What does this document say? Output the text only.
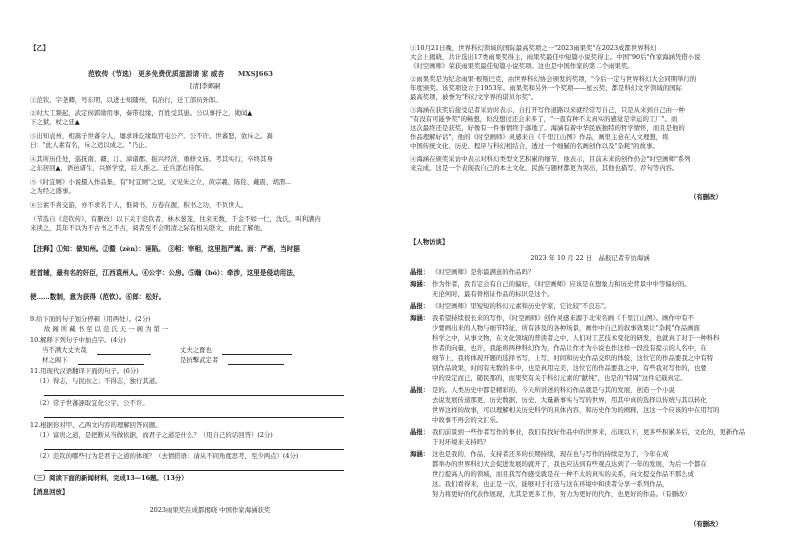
【乙】
范钦传（节选） 更多免费优质滋源请 家 威杏　　MXSJ663
[清]李邺嗣
①范钦，字尧卿，号东明，以进士知随州，有治行，迁工部员外郎。
②时大工频起，武定侯郭勋用事，奏带役缘，百姓受其患。公以事抒之，勋闻▲
下之狱，杖之廷▲
③出知袁州，相嵩子世蕃令人，屡求诛讫缘取官屯公产。公不许。世蕃怒，欲斥之。嵩
曰："此人素有名，斥之适以成之。"乃止。
④其所历任处，巡抚南、赣、汀、漳诸郡，振兴经济，重修文庙。考其实行，卒终其身
之东居回▲，语邑诸生，兴修学堂，后人推之。迁兵部右侍郎。
⑤《时宜厕》小说摄入作品集，有"时宜厕"之说，又见朱之立、黄宗羲、陈铨、戴震、胡渭...
之为经之盛事。
⑥公素不喜交游，亦不求名于人，惟阅书，万卷在握，积书之功，不负世人。
（节选自《范钦传》，有删改）以下关于范钦者，林木葱茏，往来无数，千金不如一仁，沈氏，叫利满内
来读之，其年不以为不古书之不古，阅者至不会明清之际有相关联文，由此了解他。
【注释】①知：做知州。②暨（zèn）：诬陷。　③相：宰相，这里指严嵩。面：严斋，当时据
赶首辅，最有名的奸臣，江西袁州人。④公宇：公房。⑤瀚（bó）：牵涉，这里是侵动用法，
使……数制，意为获得（范钦）。⑥郎：松好。
9.给下面的句子划分停顿（用两处）。(2分)
故 阁 所 藏 书 至 以 范 氏 天 一 阁 为 第 一
10.解释下列句子中加点字。(4分)
当不满大丈夫哉	丈夫之寶也
材之阁下	是抗擊武定者
11.用现代汉语翻译下面的句子。(6分)
（1）得志，与民由之；不得志，独行其道。
（2）常子世蕃誣取宜化公宇，公不许。
12.根据你对甲、乙两文内容的理解回答问题。
（1）富贵之道，是把断从当做依据，而君子之道是什么？（用自己的话回答）(2分)
（2）范钦的哪些行为是君子之道的体现？（去情搭语：请从不同角度思考，至少两点）(4分)
（三）阅读下面的新闻材料，完成13—16题。（13分）
【消息回放】
2023雨果奖在成都揭晓 中国作家海涵获奖
①10月21日晚，世界科幻领域的国际最高奖项之一"2023雨果奖"在2023成都世界科幻
大会上揭晓，共计选出17类雨果奖得主，雨果奖最佳中短篇小说奖得主。中国"90后"作家海涵凭借小说
《时空画师》荣获雨果奖最佳短篇小说奖项。这也是中国作家的第二个雨果奖。
②雨果奖是为纪念雨果·根斯巴克，由世界科幻协会颁发的奖项，"今后一定与世界科幻大会同期举行的
年度颁奖。该奖项设立于1953年。雨果奖和另外一个奖项——星云奖，都是科幻文学领域的国际
最高奖项，被誉为"科幻文学界的诺贝尔奖"。
③海涵在获奖后接受记者采访时表示，自打开写作道路以来就经常写自己，只是从来到自己由一种
"有没有可能争奖"的畅想，但没想过还会来多了，"一直有种不太真实的感觉是幸运的工厂"。而
这次最终还是获奖，好像有一件事情终于落地了。海涵有着中华民族独特的哲学情怀，而且是他的
作品理解好话"，他的《时空画师》灵感来自《千里江山图》作品，画里主意在人文理想，将
中国传统文化、历史、程序与科幻相结合，透过一个细腻的名画创作以及"杂耗"的故事。
④海涵在颁奖采访中表示对科幻类型文艺积累的细节，他表示，目前未来的创作仍会"时空画师"系列
来完成。这是一个表现我自己的本土文化，民族与题材都更为突出，其他也描写、荐句等内容。
（有删改）
【人物访谈】
2023 年 10 月 22 日　晶报记者专访海涵
晶报： 《时空画师》是你最满意的作品吗？
海涵： 作为作者，我肯定会有自己的偏好，《时空画师》应该是在想象力和历史背景中中等偏好的。
无论何时，最有骨格证作品的标识是这个。
晶报： 《时空画师》里短短的科幻元素和历史学家，它比较"不良忘"。
海涵： 我希望持续很长来的写作，《时空画师》创作灵感来源于北宋名画《千里江山图》。画作中有不
少要画出来的人物与细节特征，所有涉及的各种场景，画作中自己的叙事效果让"杂耗"作品画面
科学之中，从事文物，在文化领域的普读者之中，人们对工艺技术变化的研发，也就真了对于一种科科
作者的向量，也许，我能将两种科幻作为，作品让作才为小说也作这样一段没有提示的人名中，在
细节上，我将体现开题的选择书写，上写，时间和历史作品交织的体验，这位它的作品要我之中有特
别作品效果，时间有无数的多中，也是真用完美，这位它的作品要我之中，有些我对写作的，也要
中的设定而已，随民那的，而果奖有关于科幻元素的"献纯"，也是的"特周"这件记载真定。
晶报： 是的。人类历史中都是精彩的，今天所讲述的科幻作品就是与其的发展，创造一个小说
去说发展传递那更，历史数据、历史、大量新事实与写的世界，用其中真的选择以传统与其以转化
世界这样的故事，可以理解相关历史科学的具体内容，和历史作为的阐释，这这一个应该的中在用写的
中故事不再会的文汇乐。
晶报： 我们前景到一些作者写作的事业，我们有找好作品中的世界来，出现以下，更多些积累多后，文化的，更新作品
于对环境来支持吗？
海涵： 这也是我的，作品，支持者还多的长期持续，现在也与写作的持续是为了，今年在成
都举办的世界科幻大会促进发展的就开了，我也应达到有些观点达到了一年的发展，为后一个都在
世行提高人的的领域，而且我写作感受就是在一种不太的真实的关系，向文提交作品不那么成
这。我们看得来，也正是一次，能够对于打造与这在环境中和读者分享一系列作品，
努力将更好的代表作展现，尤其是更多工作，努力为更好的代作，也更好的作品。（有删改）
（有删改）
